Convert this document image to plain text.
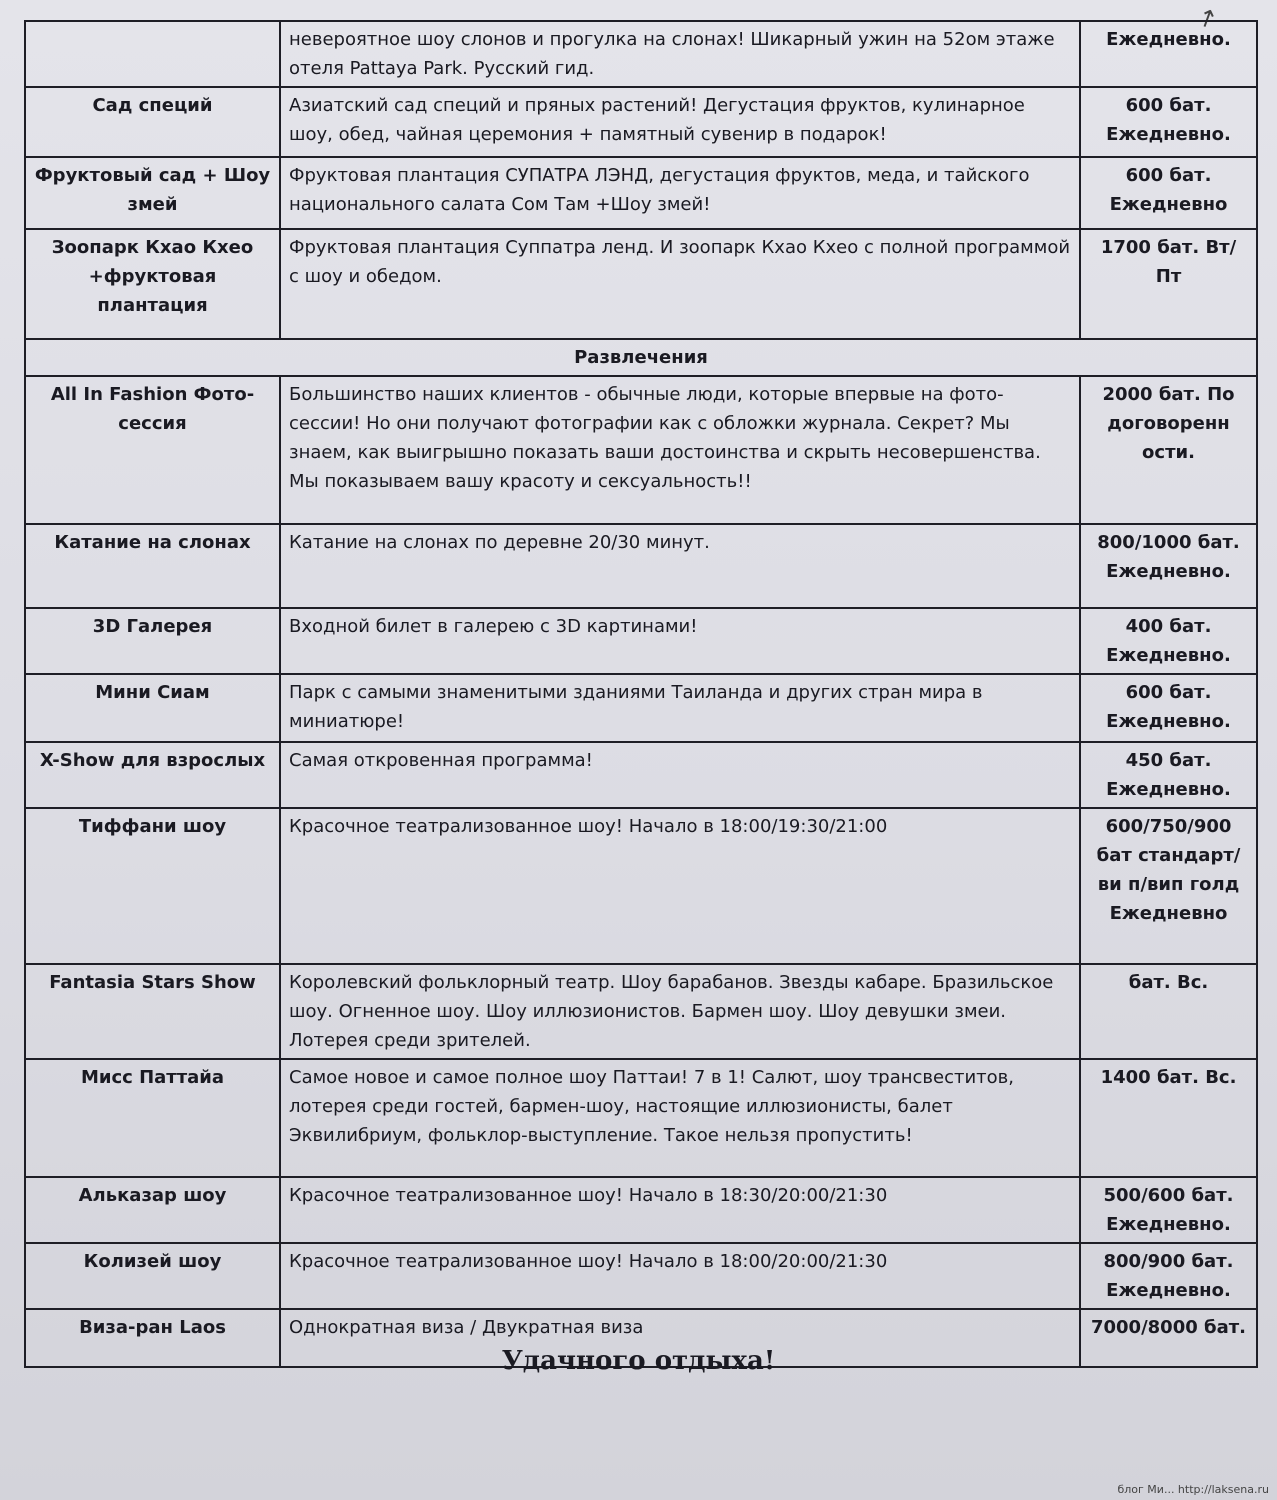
↗
	невероятное шоу слонов и прогулка на слонах! Шикарный ужин на 52ом этаже отеля Pattaya Park. Русский гид.	Ежедневно.
Сад специй	Азиатский сад специй и пряных растений! Дегустация фруктов, кулинарное шоу, обед, чайная церемония + памятный сувенир в подарок!	600 бат. Ежедневно.
Фруктовый сад + Шоу змей	Фруктовая плантация СУПАТРА ЛЭНД, дегустация фруктов, меда, и тайского национального салата Сом Там +Шоу змей!	600 бат. Ежедневно
Зоопарк Кхао Кхео +фруктовая плантация	Фруктовая плантация Суппатра ленд. И зоопарк Кхао Кхео с полной программой с шоу и обедом.	1700 бат. Вт/Пт
Развлечения		
All In Fashion Фото-сессия	Большинство наших клиентов - обычные люди, которые впервые на фото-сессии! Но они получают фотографии как с обложки журнала. Секрет? Мы знаем, как выигрышно показать ваши достоинства и скрыть несовершенства. Мы показываем вашу красоту и сексуальность!!	2000 бат. По договоренн ости.
Катание на слонах	Катание на слонах по деревне 20/30 минут.	800/1000 бат. Ежедневно.
3D Галерея	Входной билет в галерею с 3D картинами!	400 бат. Ежедневно.
Мини Сиам	Парк с самыми знаменитыми зданиями Таиланда и других стран мира в миниатюре!	600 бат. Ежедневно.
X-Show для взрослых	Самая откровенная программа!	450 бат. Ежедневно.
Тиффани шоу	Красочное театрализованное шоу! Начало в 18:00/19:30/21:00	600/750/900 бат стандарт/ви п/вип голд Ежедневно
Fantasia Stars Show	Королевский фольклорный театр. Шоу барабанов. Звезды кабаре. Бразильское шоу. Огненное шоу. Шоу иллюзионистов. Бармен шоу. Шоу девушки змеи. Лотерея среди зрителей.	бат. Вс.
Мисс Паттайа	Самое новое и самое полное шоу Паттаи! 7 в 1! Салют, шоу трансвеститов, лотерея среди гостей, бармен-шоу, настоящие иллюзионисты, балет Эквилибриум, фольклор-выступление. Такое нельзя пропустить!	1400 бат. Вс.
Альказар шоу	Красочное театрализованное шоу! Начало в 18:30/20:00/21:30	500/600 бат. Ежедневно.
Колизей шоу	Красочное театрализованное шоу! Начало в 18:00/20:00/21:30	800/900 бат. Ежедневно.
Виза-ран Laos	Однократная виза / Двукратная виза	7000/8000 бат.
Удачного отдыха!
блог Mи... http://laksena.ru
